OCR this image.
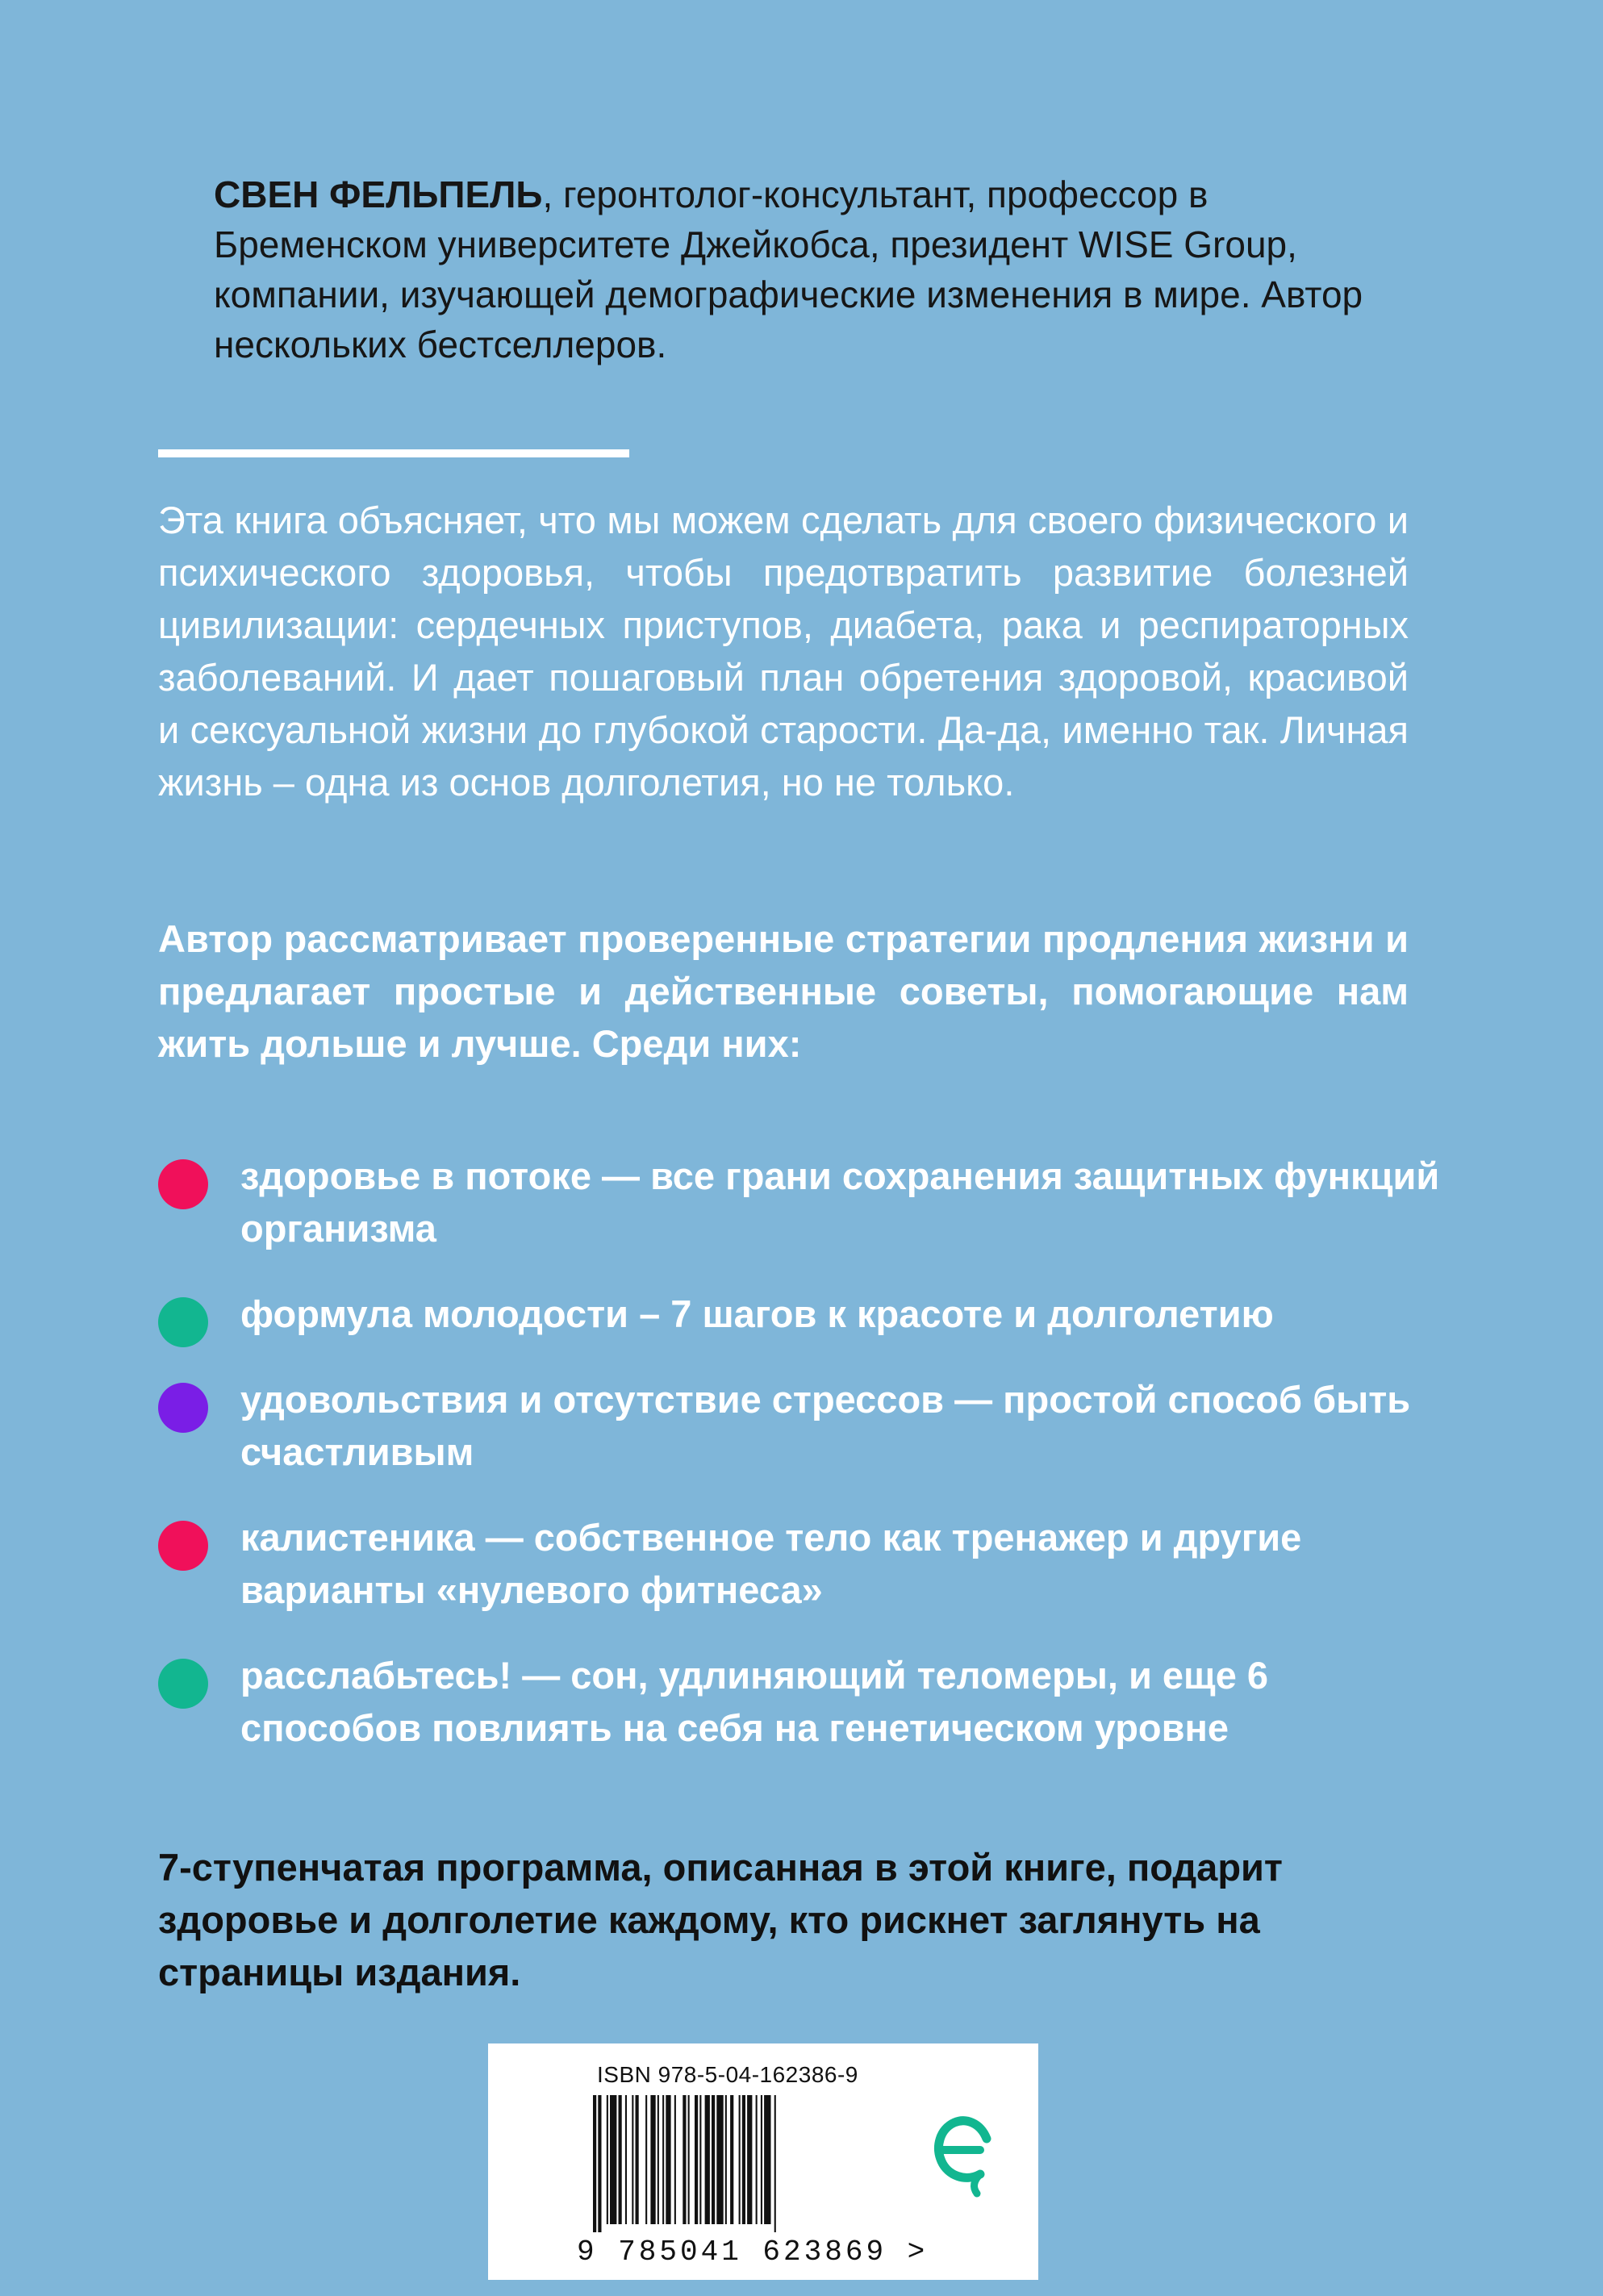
СВЕН ФЕЛЬПЕЛЬ, геронтолог-консультант, профессор в Бременском университете Джейкобса, президент WISE Group, компании, изучающей демографические изменения в мире. Автор нескольких бестселлеров.
Эта книга объясняет, что мы можем сделать для своего физического и психического здоровья, чтобы предотвратить развитие болезней цивилизации: сердечных приступов, диабета, рака и респираторных заболеваний. И дает пошаговый план обретения здоровой, красивой и сексуальной жизни до глубокой старости. Да-да, именно так. Личная жизнь – одна из основ долголетия, но не только.
Автор рассматривает проверенные стратегии продления жизни и предлагает простые и действенные советы, помогающие нам жить дольше и лучше. Среди них:
здоровье в потоке — все грани сохранения защитных функций организма
формула молодости – 7 шагов к красоте и долголетию
удовольствия и отсутствие стрессов — простой способ быть счастливым
калистеника — собственное тело как тренажер и другие варианты «нулевого фитнеса»
расслабьтесь! — сон, удлиняющий теломеры, и еще 6 способов повлиять на себя на генетическом уровне
7-ступенчатая программа, описанная в этой книге, подарит здоровье и долголетие каждому, кто рискнет заглянуть на страницы издания.
ISBN 978-5-04-162386-9
9 785041 623869 >
